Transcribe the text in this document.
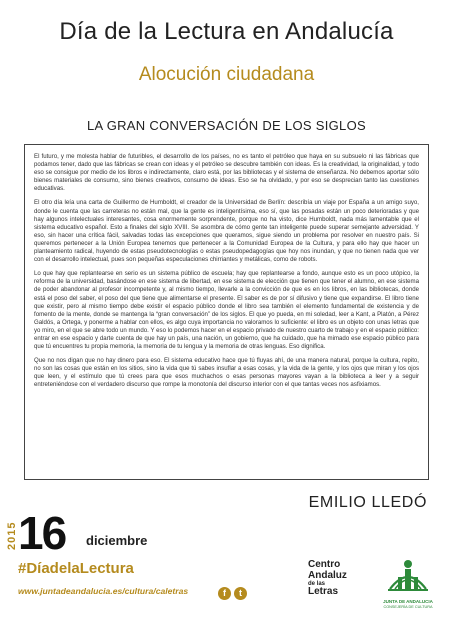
Día de la Lectura en Andalucía
Alocución ciudadana
LA GRAN CONVERSACIÓN DE LOS SIGLOS

El futuro, y me molesta hablar de futuribles, el desarrollo de los países, no es tanto el petróleo que haya en su subsuelo ni las fábricas que podamos tener, dado que las fábricas se crean con ideas y el petróleo se descubre también con ideas. Es la creatividad, la originalidad, y todo eso se consigue por medio de los libros e indirectamente, claro está, por las bibliotecas y el sistema de enseñanza. No debemos aportar sólo bienes materiales de consumo, sino bienes creativos, consumo de ideas. Eso se ha olvidado, y por eso se desprecian tanto las cuestiones educativas.

El otro día leía una carta de Guillermo de Humboldt, el creador de la Universidad de Berlín: describía un viaje por España a un amigo suyo, donde le cuenta que las carreteras no están mal, que la gente es inteligentísima, eso sí, que las posadas están un poco deterioradas y que hay algunos intelectuales interesantes, cosa enormemente sorprendente, porque no ha visto, dice Humboldt, nada más lamentable que el sistema educativo español. Esto a finales del siglo XVIII. Se asombra de cómo gente tan inteligente puede superar semejante adversidad. Y eso, sin hacer una crítica fácil, salvadas todas las excepciones que queramos, sigue siendo un problema por resolver en nuestro país. Si queremos pertenecer a la Unión Europea tenemos que pertenecer a la Comunidad Europea de la Cultura, y para ello hay que hacer un planteamiento radical, huyendo de estas pseudotecnologías o estas pseudopedagogías que hoy nos inundan, y que no tienen nada que ver con el desarrollo intelectual, pues son pequeñas especulaciones chirriantes y metálicas, como de robots.

Lo que hay que replantearse en serio es un sistema público de escuela; hay que replantearse a fondo, aunque esto es un poco utópico, la reforma de la universidad, basándose en ese sistema de libertad, en ese sistema de elección que tienen que tener el alumno, en ese sistema de poder abandonar al profesor incompetente y, al mismo tiempo, llevarle a la convicción de que es en los libros, en las bibliotecas, donde está el poso del saber, el poso del que tiene que alimentarse el presente. El saber es de por sí difusivo y tiene que expandirse. El libro tiene que existir, pero al mismo tiempo debe existir el espacio público donde el libro sea también el elemento fundamental de existencia y de fomento de la mente, donde se mantenga la “gran conversación” de los siglos. El que yo pueda, en mi soledad, leer a Kant, a Platón, a Pérez Galdós, a Ortega, y ponerme a hablar con ellos, es algo cuya importancia no valoramos lo suficiente: el libro es un objeto con unas letras que yo miro, en el que se abre todo un mundo. Y eso lo podemos hacer en el espacio privado de nuestro cuarto de trabajo y en el espacio público: entrar en ese espacio y darte cuenta de que hay un país, una nación, un gobierno, que ha cuidado, que ha mimado ese espacio público para que tú encuentres tu propia memoria, la memoria de tu lengua y la memoria de otras lenguas. Eso dignifica.

Que no nos digan que no hay dinero para eso. El sistema educativo hace que tú fluyas ahí, de una manera natural, porque la cultura, repito, no son las cosas que están en los sitios, sino la vida que tú sabes insuflar a esas cosas, y la vida de la gente, y los ojos que miran y los ojos que leen, y el estímulo que tú crees para que esos muchachos o esas personas mayores vayan a la biblioteca a leer y a seguir entreteniéndose con el verdadero discurso que rompe la monotonía del discurso interior con el que tantas veces nos asfixiamos.

EMILIO LLEDÓ
2015 16 diciembre
#DíadelaLectura
www.juntadeandalucia.es/cultura/caletras	f t
Centro
Andaluz
de las
Letras
JUNTA DE ANDALUCIA
CONSEJERÍA DE CULTURA
